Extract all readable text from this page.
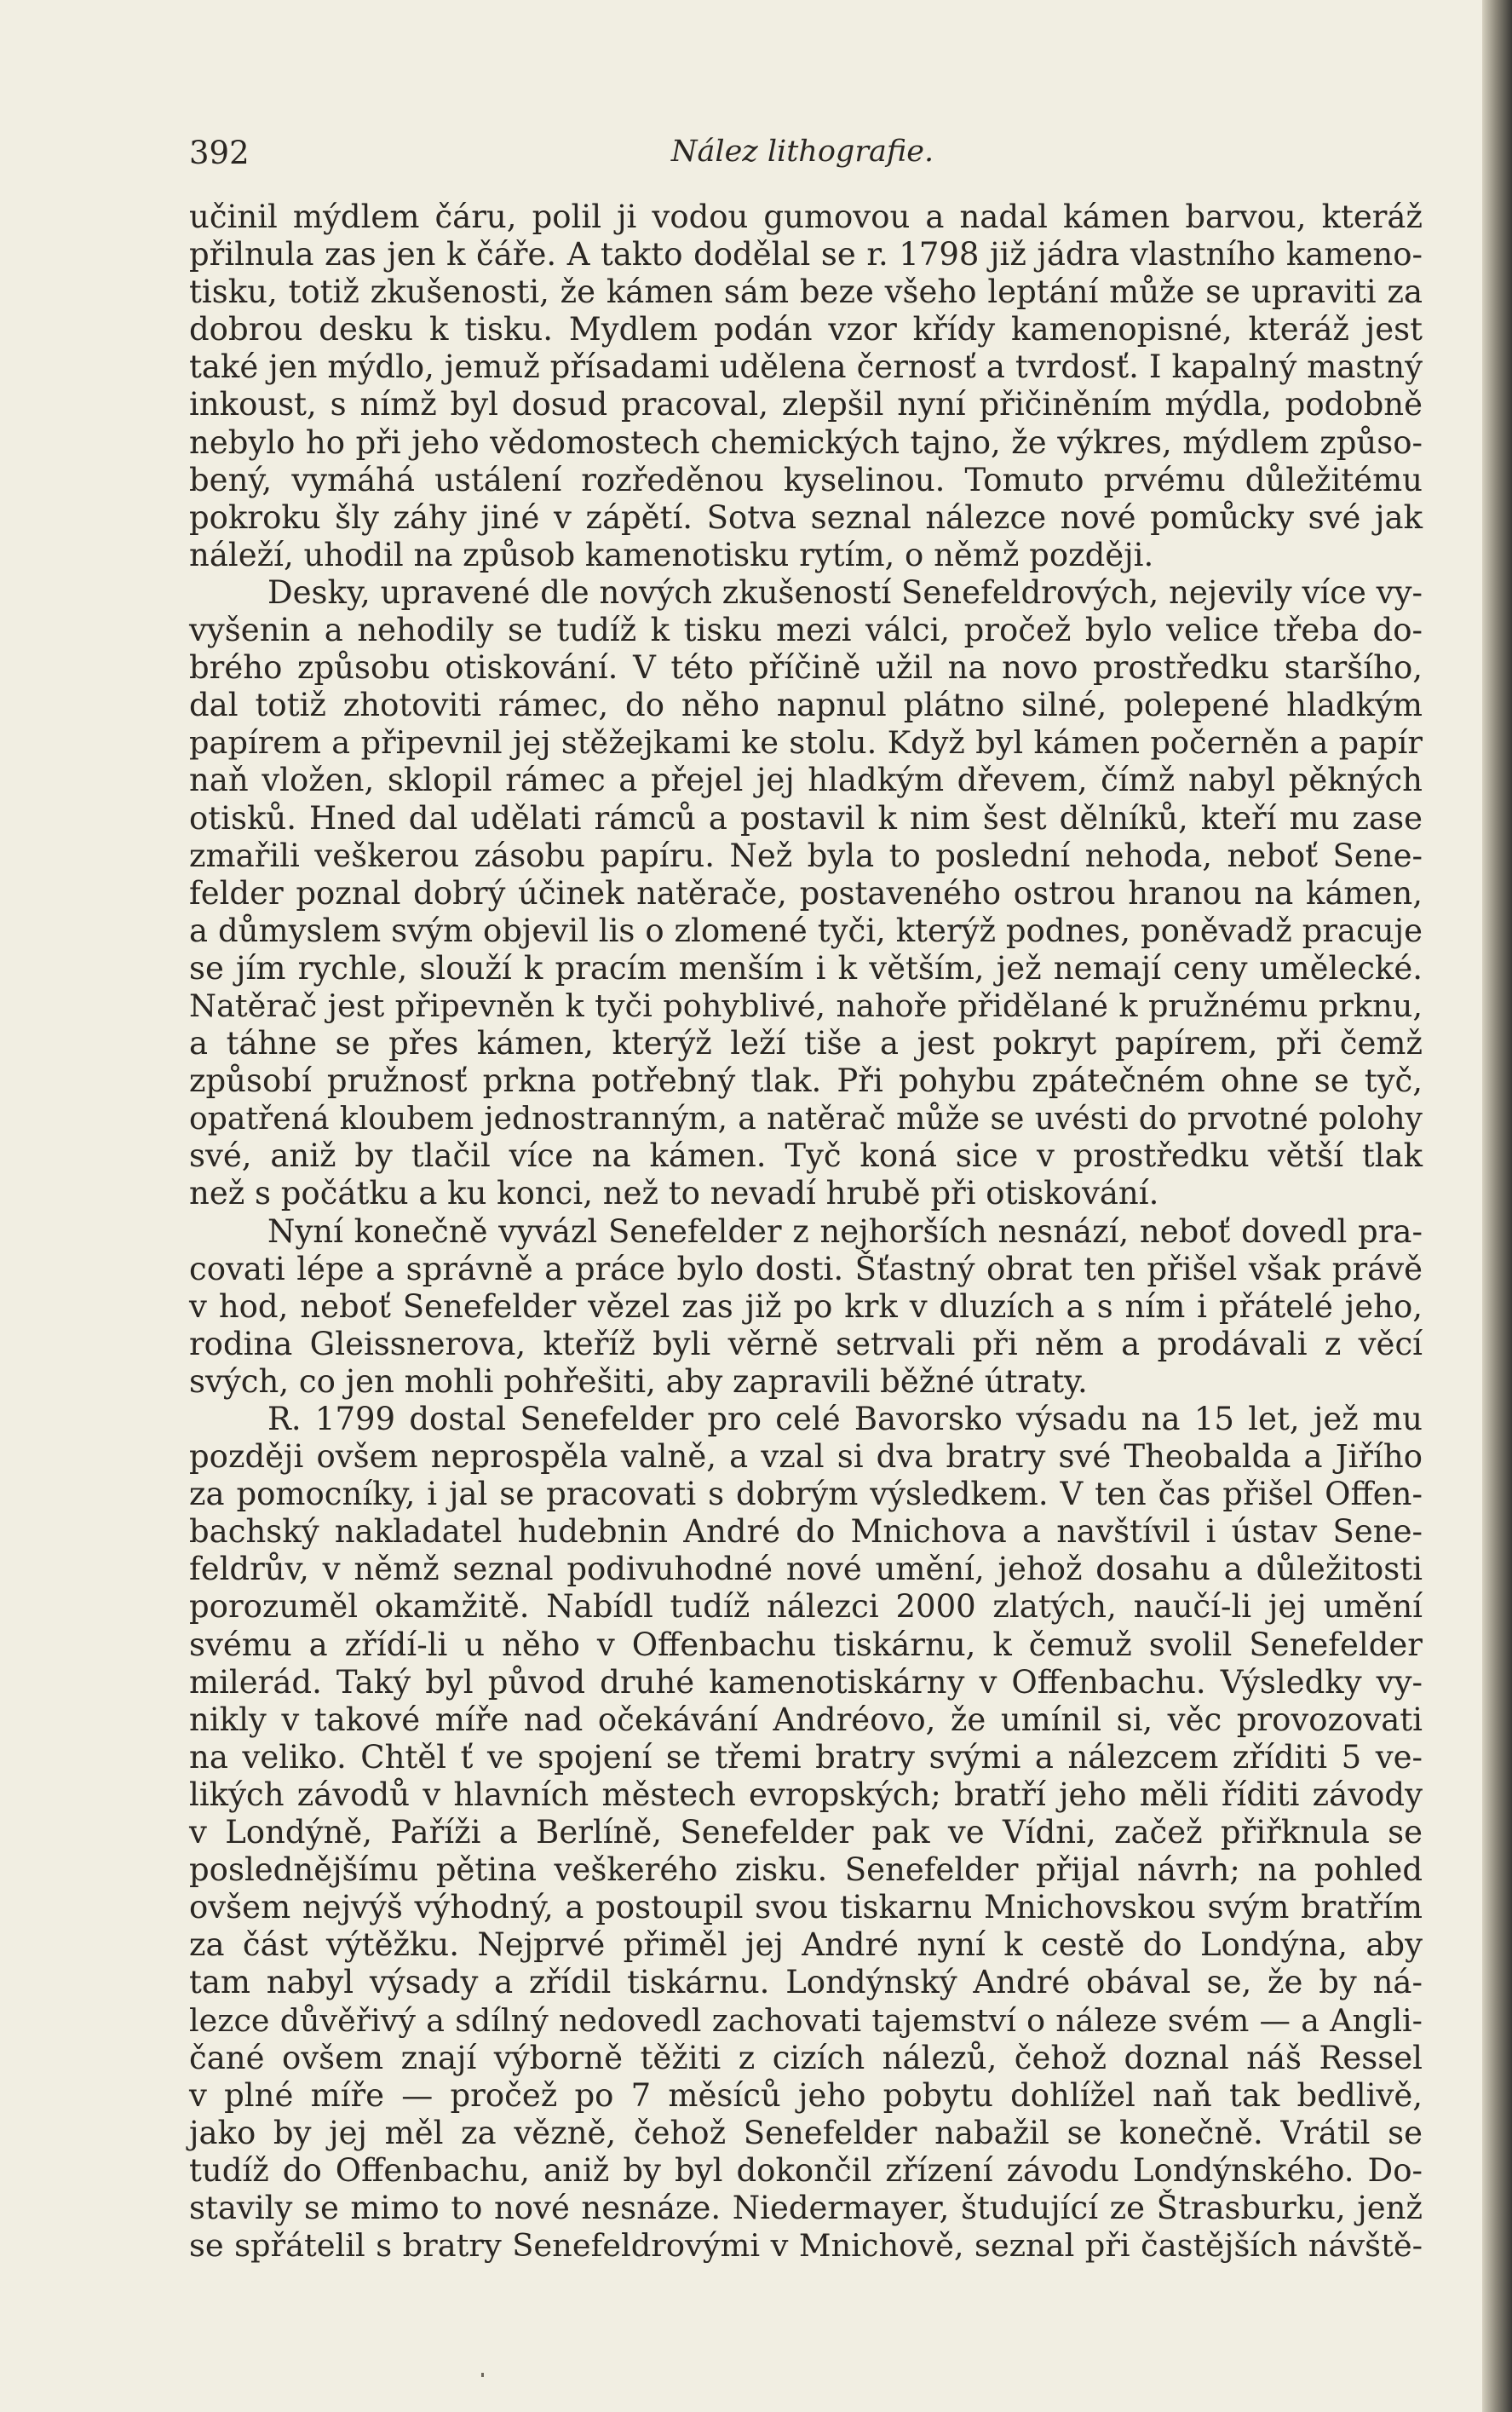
392	Nález lithografie.
učinil mýdlem čáru, polil ji vodou gumovou a nadal kámen barvou, kteráž
přilnula zas jen k čáře. A takto dodělal se r. 1798 již jádra vlastního kameno-
tisku, totiž zkušenosti, že kámen sám beze všeho leptání může se upraviti za
dobrou desku k tisku. Mydlem podán vzor křídy kamenopisné, kteráž jest
také jen mýdlo, jemuž přísadami udělena černosť a tvrdosť. I kapalný mastný
inkoust, s nímž byl dosud pracoval, zlepšil nyní přičiněním mýdla, podobně
nebylo ho při jeho vědomostech chemických tajno, že výkres, mýdlem způso-
bený, vymáhá ustálení rozředěnou kyselinou. Tomuto prvému důležitému
pokroku šly záhy jiné v zápětí. Sotva seznal nálezce nové pomůcky své jak
náleží, uhodil na způsob kamenotisku rytím, o němž později.
Desky, upravené dle nových zkušeností Senefeldrových, nejevily více vy-
vyšenin a nehodily se tudíž k tisku mezi válci, pročež bylo velice třeba do-
brého způsobu otiskování. V této příčině užil na novo prostředku staršího,
dal totiž zhotoviti rámec, do něho napnul plátno silné, polepené hladkým
papírem a připevnil jej stěžejkami ke stolu. Když byl kámen počerněn a papír
naň vložen, sklopil rámec a přejel jej hladkým dřevem, čímž nabyl pěkných
otisků. Hned dal udělati rámců a postavil k nim šest dělníků, kteří mu zase
zmařili veškerou zásobu papíru. Než byla to poslední nehoda, neboť Sene-
felder poznal dobrý účinek natěrače, postaveného ostrou hranou na kámen,
a důmyslem svým objevil lis o zlomené tyči, kterýž podnes, poněvadž pracuje
se jím rychle, slouží k pracím menším i k větším, jež nemají ceny umělecké.
Natěrač jest připevněn k tyči pohyblivé, nahoře přidělané k pružnému prknu,
a táhne se přes kámen, kterýž leží tiše a jest pokryt papírem, při čemž
způsobí pružnosť prkna potřebný tlak. Při pohybu zpátečném ohne se tyč,
opatřená kloubem jednostranným, a natěrač může se uvésti do prvotné polohy
své, aniž by tlačil více na kámen. Tyč koná sice v prostředku větší tlak
než s počátku a ku konci, než to nevadí hrubě při otiskování.
Nyní konečně vyvázl Senefelder z nejhorších nesnází, neboť dovedl pra-
covati lépe a správně a práce bylo dosti. Šťastný obrat ten přišel však právě
v hod, neboť Senefelder vězel zas již po krk v dluzích a s ním i přátelé jeho,
rodina Gleissnerova, kteříž byli věrně setrvali při něm a prodávali z věcí
svých, co jen mohli pohřešiti, aby zapravili běžné útraty.
R. 1799 dostal Senefelder pro celé Bavorsko výsadu na 15 let, jež mu
později ovšem neprospěla valně, a vzal si dva bratry své Theobalda a Jiřího
za pomocníky, i jal se pracovati s dobrým výsledkem. V ten čas přišel Offen-
bachský nakladatel hudebnin André do Mnichova a navštívil i ústav Sene-
feldrův, v němž seznal podivuhodné nové umění, jehož dosahu a důležitosti
porozuměl okamžitě. Nabídl tudíž nálezci 2000 zlatých, naučí-li jej umění
svému a zřídí-li u něho v Offenbachu tiskárnu, k čemuž svolil Senefelder
milerád. Taký byl původ druhé kamenotiskárny v Offenbachu. Výsledky vy-
nikly v takové míře nad očekávání Andréovo, že umínil si, věc provozovati
na veliko. Chtěl ť ve spojení se třemi bratry svými a nálezcem zříditi 5 ve-
likých závodů v hlavních městech evropských; bratří jeho měli říditi závody
v Londýně, Paříži a Berlíně, Senefelder pak ve Vídni, začež přiřknula se
poslednějšímu pětina veškerého zisku. Senefelder přijal návrh; na pohled
ovšem nejvýš výhodný, a postoupil svou tiskarnu Mnichovskou svým bratřím
za část výtěžku. Nejprvé přiměl jej André nyní k cestě do Londýna, aby
tam nabyl výsady a zřídil tiskárnu. Londýnský André obával se, že by ná-
lezce důvěřivý a sdílný nedovedl zachovati tajemství o náleze svém — a Angli-
čané ovšem znají výborně těžiti z cizích nálezů, čehož doznal náš Ressel
v plné míře — pročež po 7 měsíců jeho pobytu dohlížel naň tak bedlivě,
jako by jej měl za vězně, čehož Senefelder nabažil se konečně. Vrátil se
tudíž do Offenbachu, aniž by byl dokončil zřízení závodu Londýnského. Do-
stavily se mimo to nové nesnáze. Niedermayer, študující ze Štrasburku, jenž
se spřátelil s bratry Senefeldrovými v Mnichově, seznal při častějších návště-
